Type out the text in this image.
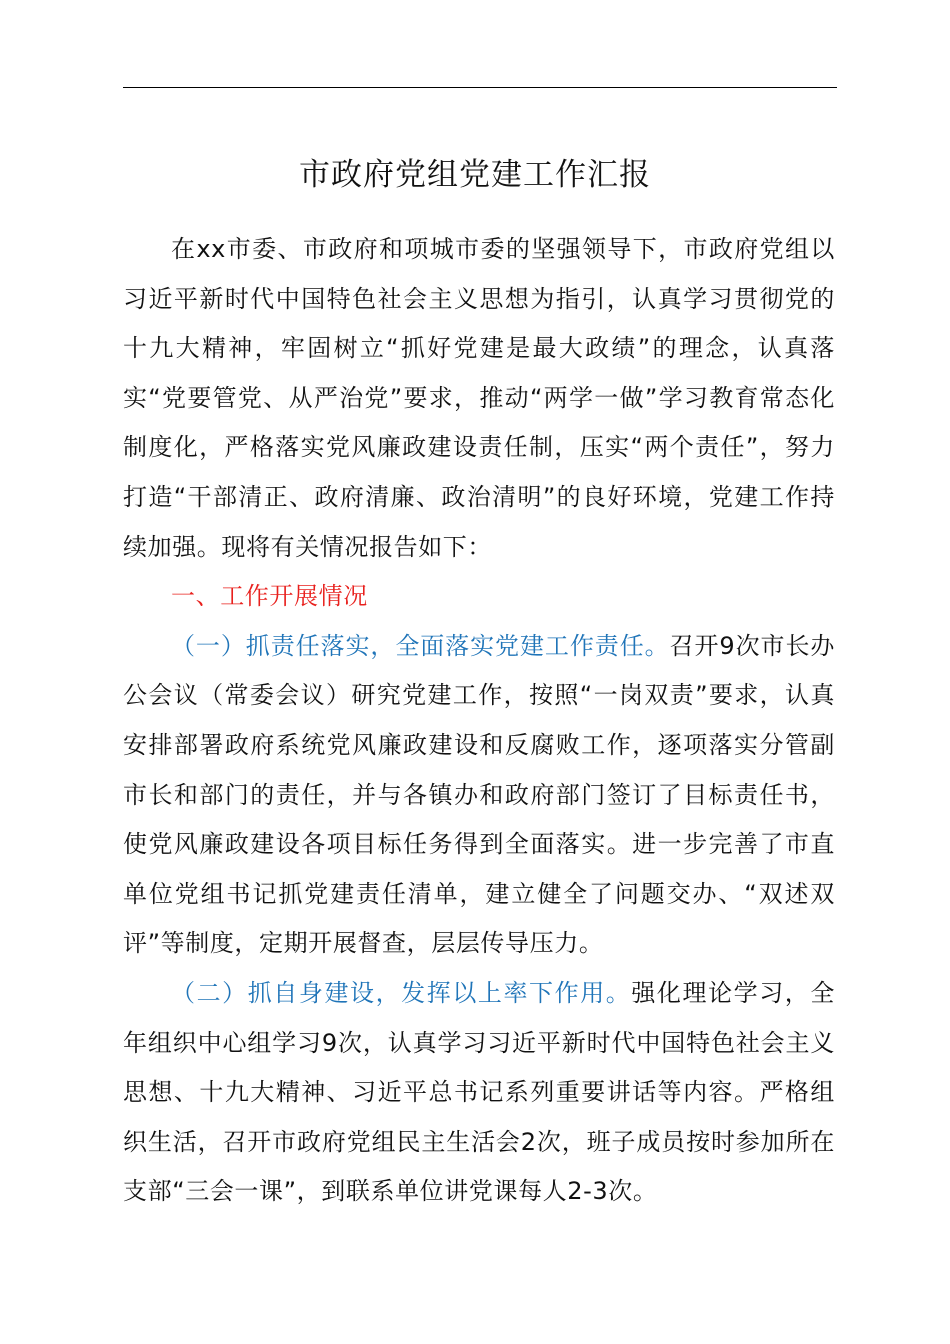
市政府党组党建工作汇报

在xx市委、市政府和项城市委的坚强领导下，市政府党组以习近平新时代中国特色社会主义思想为指引，认真学习贯彻党的十九大精神，牢固树立“抓好党建是最大政绩”的理念，认真落实“党要管党、从严治党”要求，推动“两学一做”学习教育常态化制度化，严格落实党风廉政建设责任制，压实“两个责任”，努力打造“干部清正、政府清廉、政治清明”的良好环境，党建工作持续加强。现将有关情况报告如下：

一、工作开展情况

（一）抓责任落实，全面落实党建工作责任。召开9次市长办公会议（常委会议）研究党建工作，按照“一岗双责”要求，认真安排部署政府系统党风廉政建设和反腐败工作，逐项落实分管副市长和部门的责任，并与各镇办和政府部门签订了目标责任书，使党风廉政建设各项目标任务得到全面落实。进一步完善了市直单位党组书记抓党建责任清单，建立健全了问题交办、“双述双评”等制度，定期开展督查，层层传导压力。

（二）抓自身建设，发挥以上率下作用。强化理论学习，全年组织中心组学习9次，认真学习习近平新时代中国特色社会主义思想、十九大精神、习近平总书记系列重要讲话等内容。严格组织生活，召开市政府党组民主生活会2次，班子成员按时参加所在支部“三会一课”，到联系单位讲党课每人2-3次。
